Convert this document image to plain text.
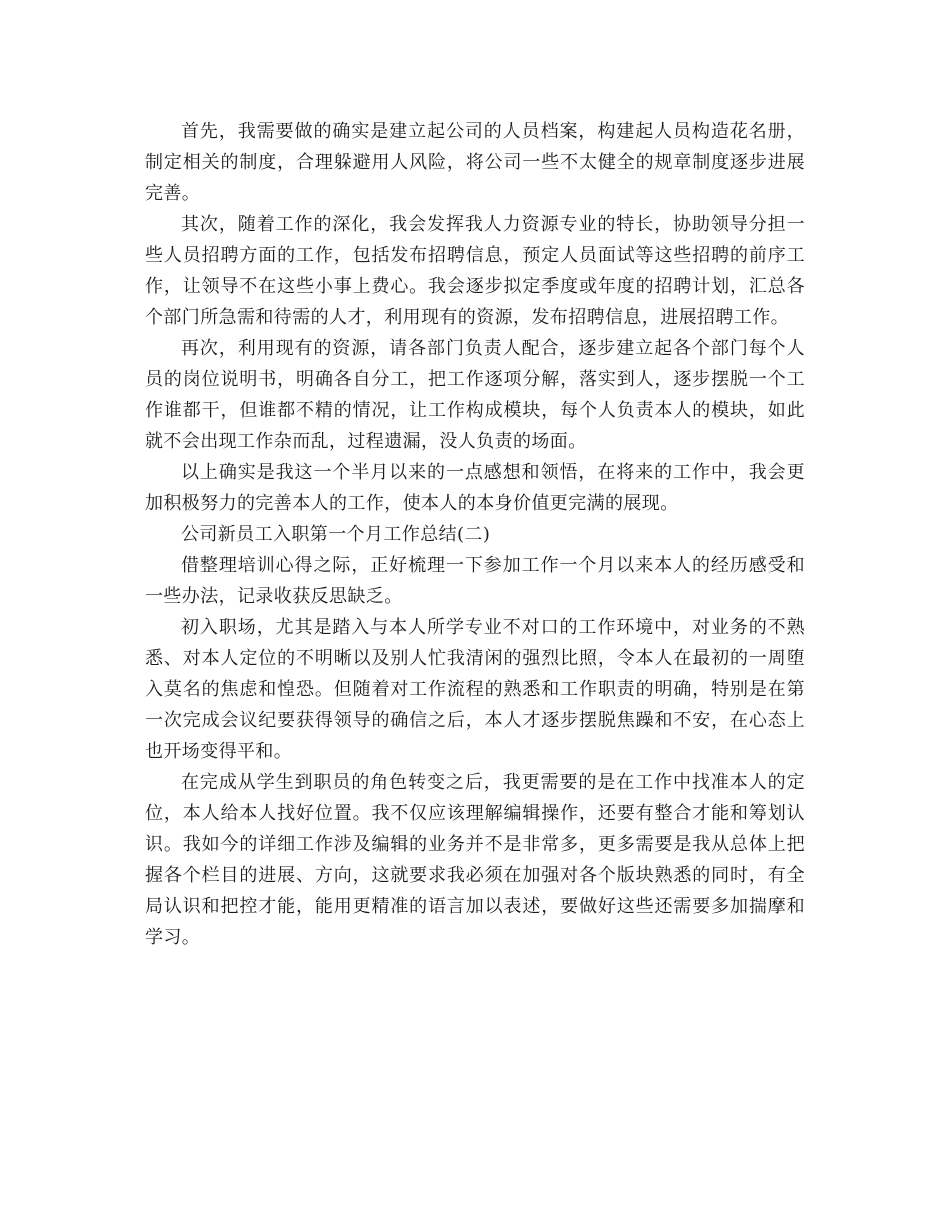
首先，我需要做的确实是建立起公司的人员档案，构建起人员构造花名册，制定相关的制度，合理躲避用人风险，将公司一些不太健全的规章制度逐步进展完善。

其次，随着工作的深化，我会发挥我人力资源专业的特长，协助领导分担一些人员招聘方面的工作，包括发布招聘信息，预定人员面试等这些招聘的前序工作，让领导不在这些小事上费心。我会逐步拟定季度或年度的招聘计划，汇总各个部门所急需和待需的人才，利用现有的资源，发布招聘信息，进展招聘工作。

再次，利用现有的资源，请各部门负责人配合，逐步建立起各个部门每个人员的岗位说明书，明确各自分工，把工作逐项分解，落实到人，逐步摆脱一个工作谁都干，但谁都不精的情况，让工作构成模块，每个人负责本人的模块，如此就不会出现工作杂而乱，过程遗漏，没人负责的场面。

以上确实是我这一个半月以来的一点感想和领悟，在将来的工作中，我会更加积极努力的完善本人的工作，使本人的本身价值更完满的展现。

公司新员工入职第一个月工作总结(二)

借整理培训心得之际，正好梳理一下参加工作一个月以来本人的经历感受和一些办法，记录收获反思缺乏。

初入职场，尤其是踏入与本人所学专业不对口的工作环境中，对业务的不熟悉、对本人定位的不明晰以及别人忙我清闲的强烈比照，令本人在最初的一周堕入莫名的焦虑和惶恐。但随着对工作流程的熟悉和工作职责的明确，特别是在第一次完成会议纪要获得领导的确信之后，本人才逐步摆脱焦躁和不安，在心态上也开场变得平和。

在完成从学生到职员的角色转变之后，我更需要的是在工作中找准本人的定位，本人给本人找好位置。我不仅应该理解编辑操作，还要有整合才能和筹划认识。我如今的详细工作涉及编辑的业务并不是非常多，更多需要是我从总体上把握各个栏目的进展、方向，这就要求我必须在加强对各个版块熟悉的同时，有全局认识和把控才能，能用更精准的语言加以表述，要做好这些还需要多加揣摩和学习。
